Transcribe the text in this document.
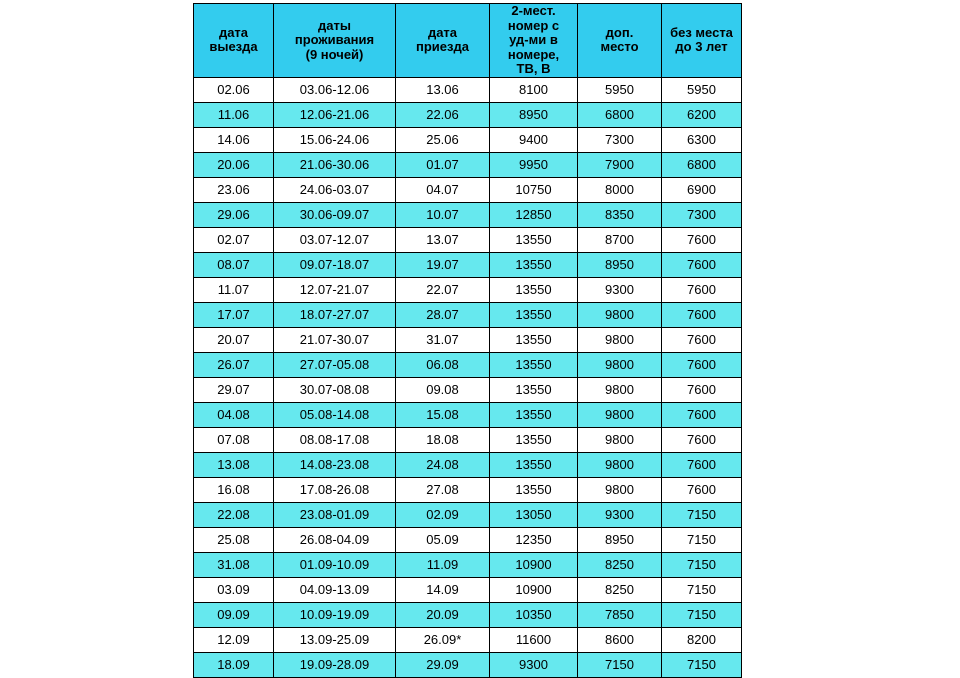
дата
выезда

даты
проживания
(9 ночей)

дата
приезда

2-мест.
номер с
уд-ми в
номере,
ТВ, В

доп.
место

без места
до 3 лет

02.06	03.06-12.06	13.06	8100	5950	5950
11.06	12.06-21.06	22.06	8950	6800	6200
14.06	15.06-24.06	25.06	9400	7300	6300
20.06	21.06-30.06	01.07	9950	7900	6800
23.06	24.06-03.07	04.07	10750	8000	6900
29.06	30.06-09.07	10.07	12850	8350	7300
02.07	03.07-12.07	13.07	13550	8700	7600
08.07	09.07-18.07	19.07	13550	8950	7600
11.07	12.07-21.07	22.07	13550	9300	7600
17.07	18.07-27.07	28.07	13550	9800	7600
20.07	21.07-30.07	31.07	13550	9800	7600
26.07	27.07-05.08	06.08	13550	9800	7600
29.07	30.07-08.08	09.08	13550	9800	7600
04.08	05.08-14.08	15.08	13550	9800	7600
07.08	08.08-17.08	18.08	13550	9800	7600
13.08	14.08-23.08	24.08	13550	9800	7600
16.08	17.08-26.08	27.08	13550	9800	7600
22.08	23.08-01.09	02.09	13050	9300	7150
25.08	26.08-04.09	05.09	12350	8950	7150
31.08	01.09-10.09	11.09	10900	8250	7150
03.09	04.09-13.09	14.09	10900	8250	7150
09.09	10.09-19.09	20.09	10350	7850	7150
12.09	13.09-25.09	26.09*	11600	8600	8200
18.09	19.09-28.09	29.09	9300	7150	7150
